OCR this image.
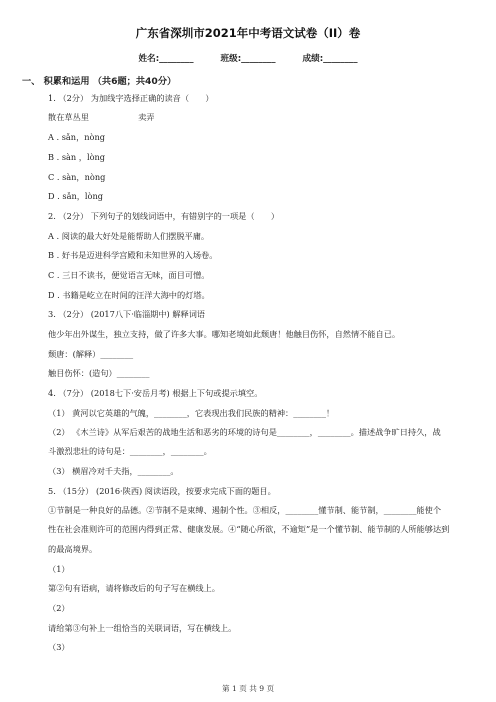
广东省深圳市2021年中考语文试卷（II）卷
姓名:________	班级:________	成绩:________
一、 积累和运用 （共6题；共40分）
1. （2分） 为加线字选择正确的读音（　　）
散在草丛里　　　　　　卖弄
A . sǎn，nòng
B . sàn ，lòng
C . sàn，nòng
D . sǎn，lòng
2. （2分） 下列句子的划线词语中，有错别字的一项是（　　）
A . 阅读的最大好处是能帮助人们摆脱平庸。
B . 好书是迈进科学宫殿和未知世界的入场卷。
C . 三日不读书，便觉语言无味，面目可憎。
D . 书籍是屹立在时间的汪洋大海中的灯塔。
3. （2分） (2017八下·临淄期中) 解释词语
他少年出外谋生，独立支持，做了许多大事。哪知老境如此颓唐！他触目伤怀，自然情不能自已。
颓唐：(解释）________
触目伤怀：(造句）________
4. （7分） (2018七下·安岳月考) 根据上下句或提示填空。
（1） 黄河以它英雄的气魄，________，它表现出我们民族的精神：________！
（2） 《木兰诗》从军后艰苦的战地生活和恶劣的环境的诗句是________，________。描述战争旷日持久，战
斗激烈悲壮的诗句是：________，________。
（3） 横眉冷对千夫指，________。
5. （15分） (2016·陕西) 阅读语段，按要求完成下面的题目。
①节制是一种良好的品德。②节制不是束缚、遏制个性。③相反，________懂节制、能节制，________能使个
性在社会准则许可的范围内得到正常、健康发展。④“随心所欲，不逾矩”是一个懂节制、能节制的人所能够达到
的最高境界。
（1）
第②句有语病，请将修改后的句子写在横线上。
（2）
请给第③句补上一组恰当的关联词语，写在横线上。
（3）
第 1 页 共 9 页
